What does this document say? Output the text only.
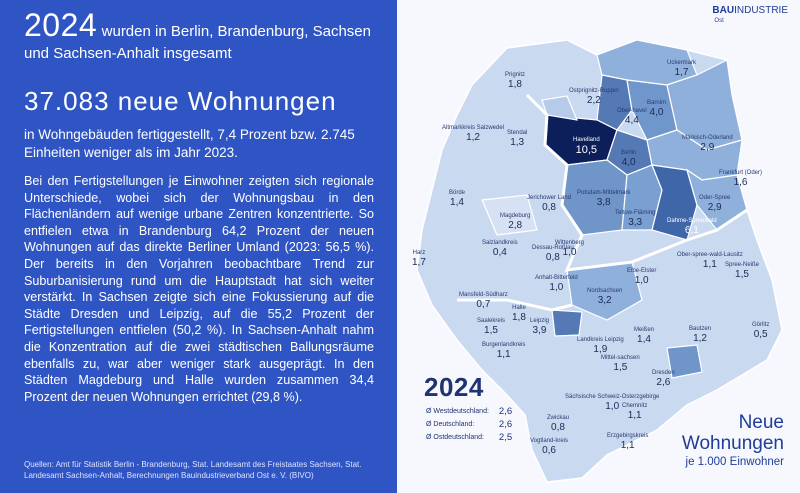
2024 wurden in Berlin, Brandenburg, Sachsen und Sachsen-Anhalt insgesamt

37.083 neue Wohnungen
in Wohngebäuden fertiggestellt, 7,4 Prozent bzw. 2.745 Einheiten weniger als im Jahr 2023.
Bei den Fertigstellungen je Einwohner zeigten sich regionale Unterschiede, wobei sich der Wohnungsbau in den Flächenländern auf wenige urbane Zentren konzentrierte. So entfielen etwa in Brandenburg 64,2 Prozent der neuen Wohnungen auf das direkte Berliner Umland (2023: 56,5 %). Der bereits in den Vorjahren beobachtbare Trend zur Suburbanisierung rund um die Hauptstadt hat sich weiter verstärkt. In Sachsen zeigte sich eine Fokussierung auf die Städte Dresden und Leipzig, auf die 55,2 Prozent der Fertigstellungen entfielen (50,2 %). In Sachsen-Anhalt nahm die Konzentration auf die zwei städtischen Ballungsräume ebenfalls zu, war aber weniger stark ausgeprägt. In den Städten Magdeburg und Halle wurden zusammen 34,4 Prozent der neuen Wohnungen errichtet (29,8 %).
Quellen: Amt für Statistik Berlin - Brandenburg, Stat. Landesamt des Freistaates Sachsen, Stat. Landesamt Sachsen-Anhalt, Berechnungen Bauindustrieverband Ost e. V. (BIVO)
Prignitz
1,8
Ostprignitz-Ruppin
2,2
Uckermark
1,7
Ober-havel
4,4
Barnim
4,0
Altmarkkreis Salzwedel
1,2	Stendal
1,3	Havelland
10,5	Berlin
4,0
Märkisch-Oderland
2,9
Frankfurt (Oder)
1,6
Börde
1,4	Jerichower Land
0,8
Magdeburg
2,8
Potsdam-Mittelmark
3,8
Teltow-Fläming
3,3	Dahme-Spreewald
6,1
Oder-Spree
2,9
Harz
1,7
Salzlandkreis
0,4	Dessau-Roßlau
0,8
Wittenberg
1,0	Ober-spree-wald-Lausitz
1,1	Spree-Neiße
1,5
Anhalt-Bitterfeld
1,0
Elbe-Elster
1,0
Mansfeld-Südharz
0,7	Halle
1,8
Nordsachsen
3,2
Saalekreis
1,5
Leipzig
3,9
Landkreis Leipzig
1,9
Meißen
1,4
Bautzen
1,2
Görlitz
0,5
Burgenlandkreis
1,1	Mittel-sachsen
1,5	Dresden
2,6
Sächsische Schweiz-Osterzgebirge
1,0
Zwickau
0,8
Chemnitz
1,1
Erzgebirgskreis
1,1
Vogtland-kreis
0,6
BAUINDUSTRIE
Ost
2024
Ø Westdeutschland:	2,6
Ø Deutschland:	2,6
Ø Ostdeutschland:	2,5
Neue
Wohnungen
je 1.000 Einwohner
